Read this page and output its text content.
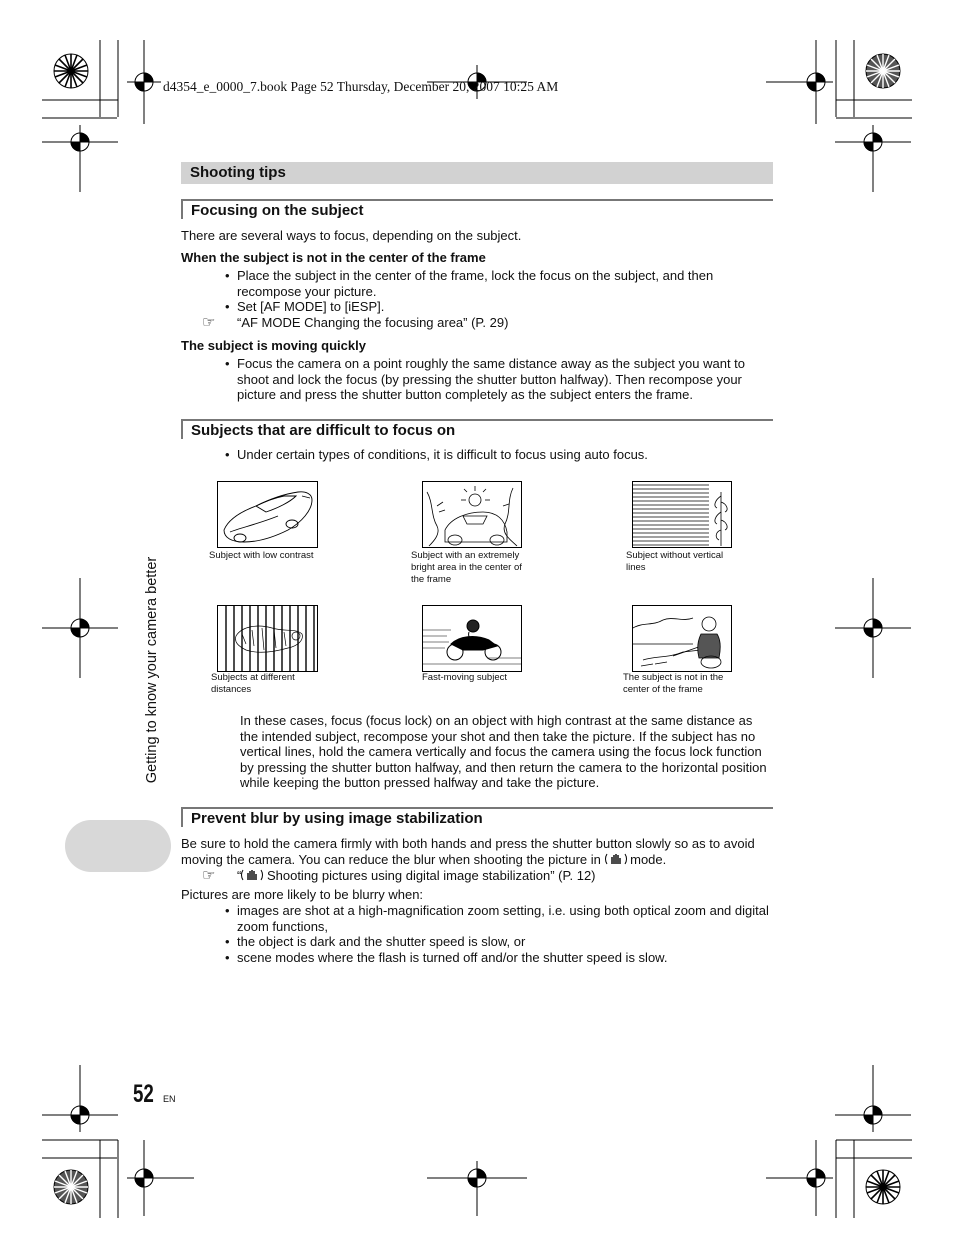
d4354_e_0000_7.book Page 52 Thursday, December 20, 2007 10:25 AM
Shooting tips
Focusing on the subject
There are several ways to focus, depending on the subject.
When the subject is not in the center of the frame
• Place the subject in the center of the frame, lock the focus on the subject, and then recompose your picture.
• Set [AF MODE] to [iESP].
☞ “AF MODE Changing the focusing area” (P. 29)
The subject is moving quickly
• Focus the camera on a point roughly the same distance away as the subject you want to shoot and lock the focus (by pressing the shutter button halfway). Then recompose your picture and press the shutter button completely as the subject enters the frame.
Subjects that are difficult to focus on
• Under certain types of conditions, it is difficult to focus using auto focus.
Subject with low contrast	Subject with an extremely bright area in the center of the frame
Subject without vertical lines
Subjects at different distances
Fast-moving subject	The subject is not in the center of the frame
In these cases, focus (focus lock) on an object with high contrast at the same distance as the intended subject, recompose your shot and then take the picture. If the subject has no vertical lines, hold the camera vertically and focus the camera using the focus lock function by pressing the shutter button halfway, and then return the camera to the horizontal position while keeping the button pressed halfway and take the picture.
Prevent blur by using image stabilization
Be sure to hold the camera firmly with both hands and press the shutter button slowly so as to avoid moving the camera. You can reduce the blur when shooting the picture in  mode.
☞ “ Shooting pictures using digital image stabilization” (P. 12)
Pictures are more likely to be blurry when:
• images are shot at a high-magnification zoom setting, i.e. using both optical zoom and digital zoom functions,
• the object is dark and the shutter speed is slow, or
• scene modes where the flash is turned off and/or the shutter speed is slow.
Getting to know your camera better
52 EN
